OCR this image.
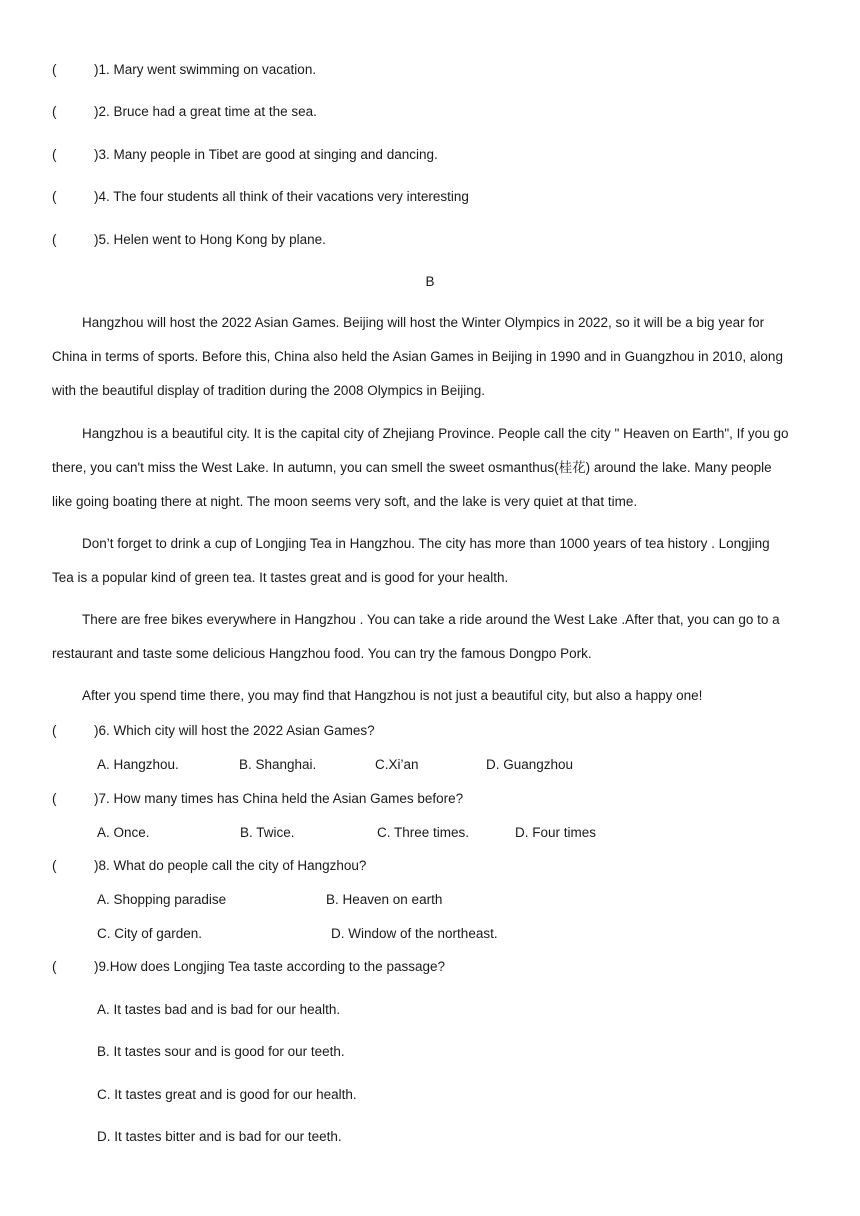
(	)1. Mary went swimming on vacation.
(	)2. Bruce had a great time at the sea.
(	)3. Many people in Tibet are good at singing and dancing.
(	)4. The four students all think of their vacations very interesting
(	)5. Helen went to Hong Kong by plane.
B
Hangzhou will host the 2022 Asian Games. Beijing will host the Winter Olympics in 2022, so it will be a big year for
China in terms of sports. Before this, China also held the Asian Games in Beijing in 1990 and in Guangzhou in 2010, along
with the beautiful display of tradition during the 2008 Olympics in Beijing.
Hangzhou is a beautiful city. It is the capital city of Zhejiang Province. People call the city " Heaven on Earth", If you go
there, you can't miss the West Lake. In autumn, you can smell the sweet osmanthus(桂花) around the lake. Many people
like going boating there at night. The moon seems very soft, and the lake is very quiet at that time.
Don’t forget to drink a cup of Longjing Tea in Hangzhou. The city has more than 1000 years of tea history . Longjing
Tea is a popular kind of green tea. It tastes great and is good for your health.
There are free bikes everywhere in Hangzhou . You can take a ride around the West Lake .After that, you can go to a
restaurant and taste some delicious Hangzhou food. You can try the famous Dongpo Pork.
After you spend time there, you may find that Hangzhou is not just a beautiful city, but also a happy one!
(	)6. Which city will host the 2022 Asian Games?
A. Hangzhou.	B. Shanghai.	C.Xi’an	D. Guangzhou
(	)7. How many times has China held the Asian Games before?
A. Once.	B. Twice.	C. Three times.	D. Four times
(	)8. What do people call the city of Hangzhou?
A. Shopping paradise	B. Heaven on earth
C. City of garden.	D. Window of the northeast.
(	)9.How does Longjing Tea taste according to the passage?
A. It tastes bad and is bad for our health.
B. It tastes sour and is good for our teeth.
C. It tastes great and is good for our health.
D. It tastes bitter and is bad for our teeth.
